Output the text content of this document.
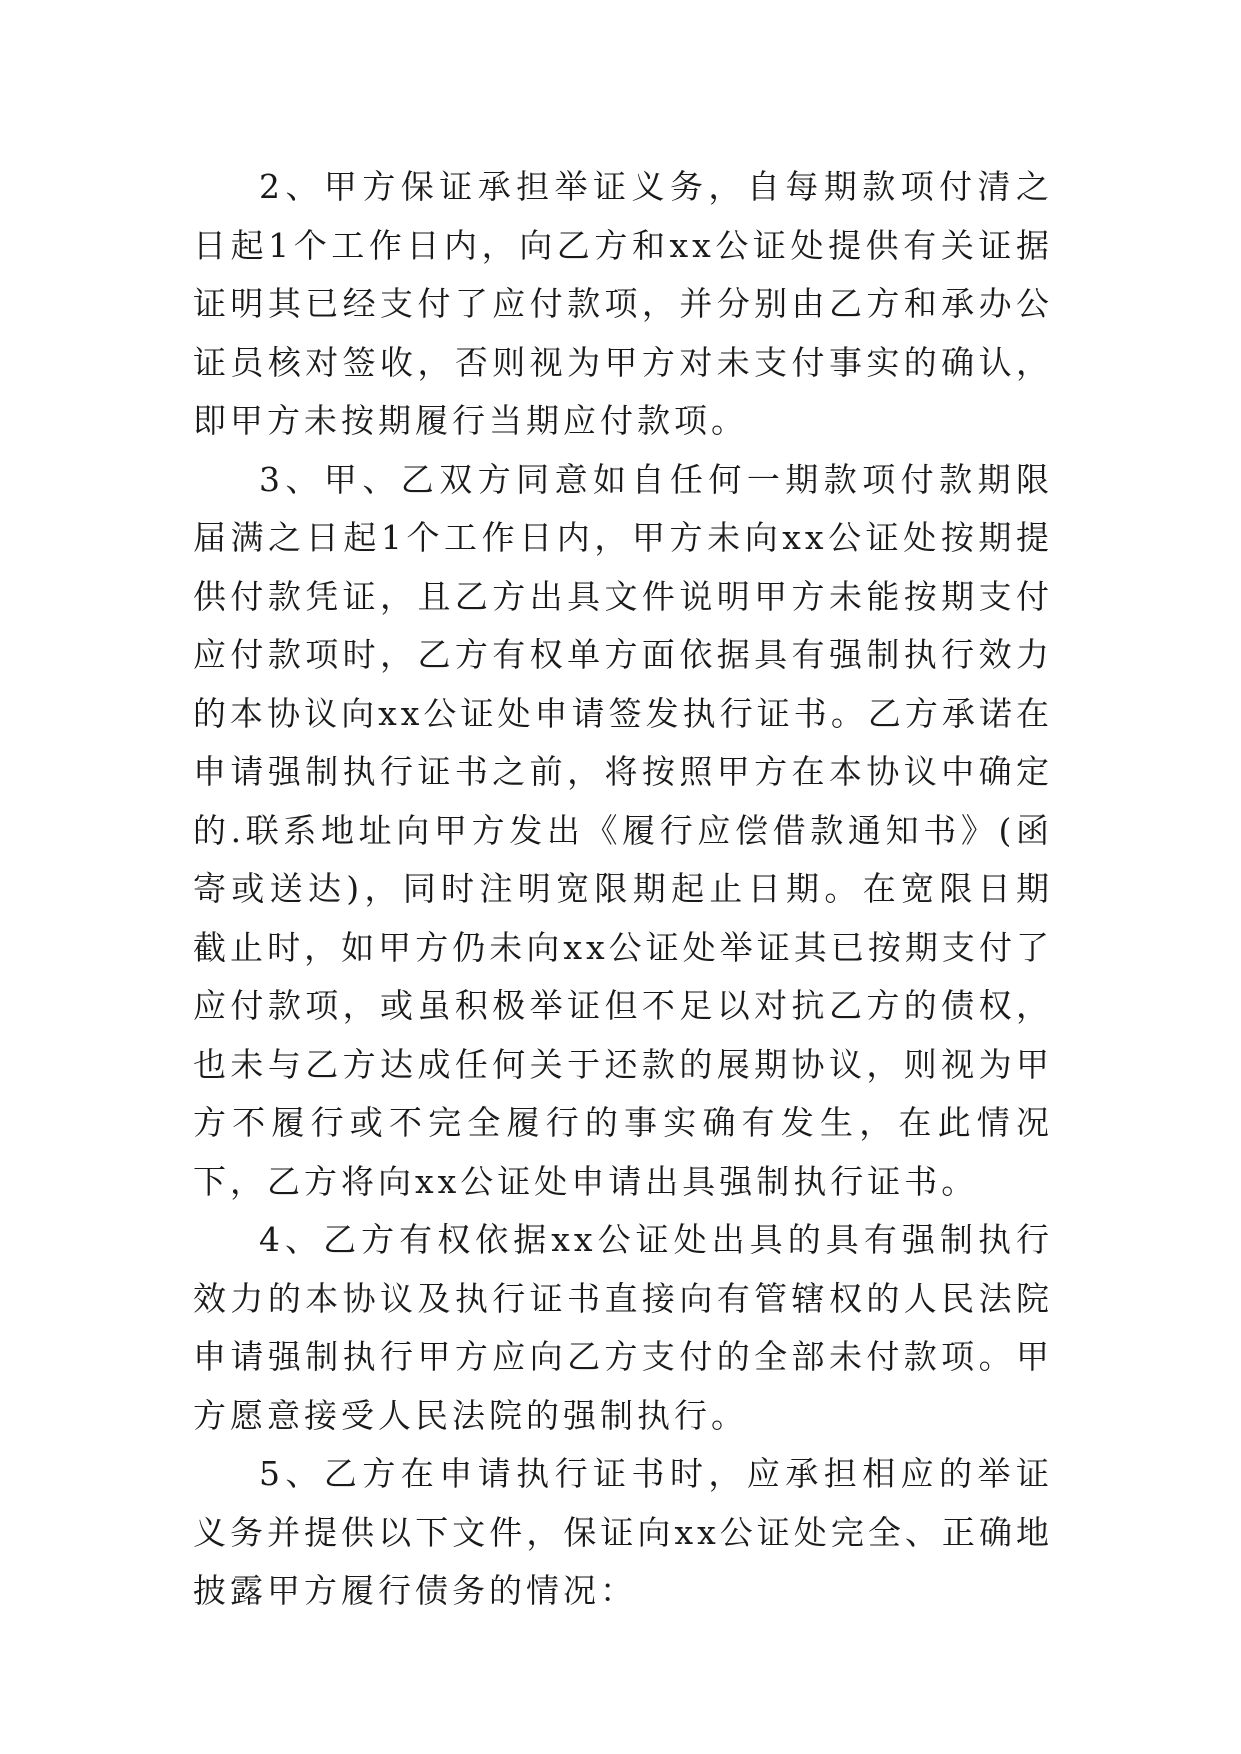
2、甲方保证承担举证义务，自每期款项付清之日起1个工作日内，向乙方和xx公证处提供有关证据证明其已经支付了应付款项，并分别由乙方和承办公证员核对签收，否则视为甲方对未支付事实的确认，即甲方未按期履行当期应付款项。

3、甲、乙双方同意如自任何一期款项付款期限届满之日起1个工作日内，甲方未向xx公证处按期提供付款凭证，且乙方出具文件说明甲方未能按期支付应付款项时，乙方有权单方面依据具有强制执行效力的本协议向xx公证处申请签发执行证书。乙方承诺在申请强制执行证书之前，将按照甲方在本协议中确定的.联系地址向甲方发出《履行应偿借款通知书》(函寄或送达)，同时注明宽限期起止日期。在宽限日期截止时，如甲方仍未向xx公证处举证其已按期支付了应付款项，或虽积极举证但不足以对抗乙方的债权，也未与乙方达成任何关于还款的展期协议，则视为甲方不履行或不完全履行的事实确有发生，在此情况下，乙方将向xx公证处申请出具强制执行证书。

4、乙方有权依据xx公证处出具的具有强制执行效力的本协议及执行证书直接向有管辖权的人民法院申请强制执行甲方应向乙方支付的全部未付款项。甲方愿意接受人民法院的强制执行。

5、乙方在申请执行证书时，应承担相应的举证义务并提供以下文件，保证向xx公证处完全、正确地披露甲方履行债务的情况：
